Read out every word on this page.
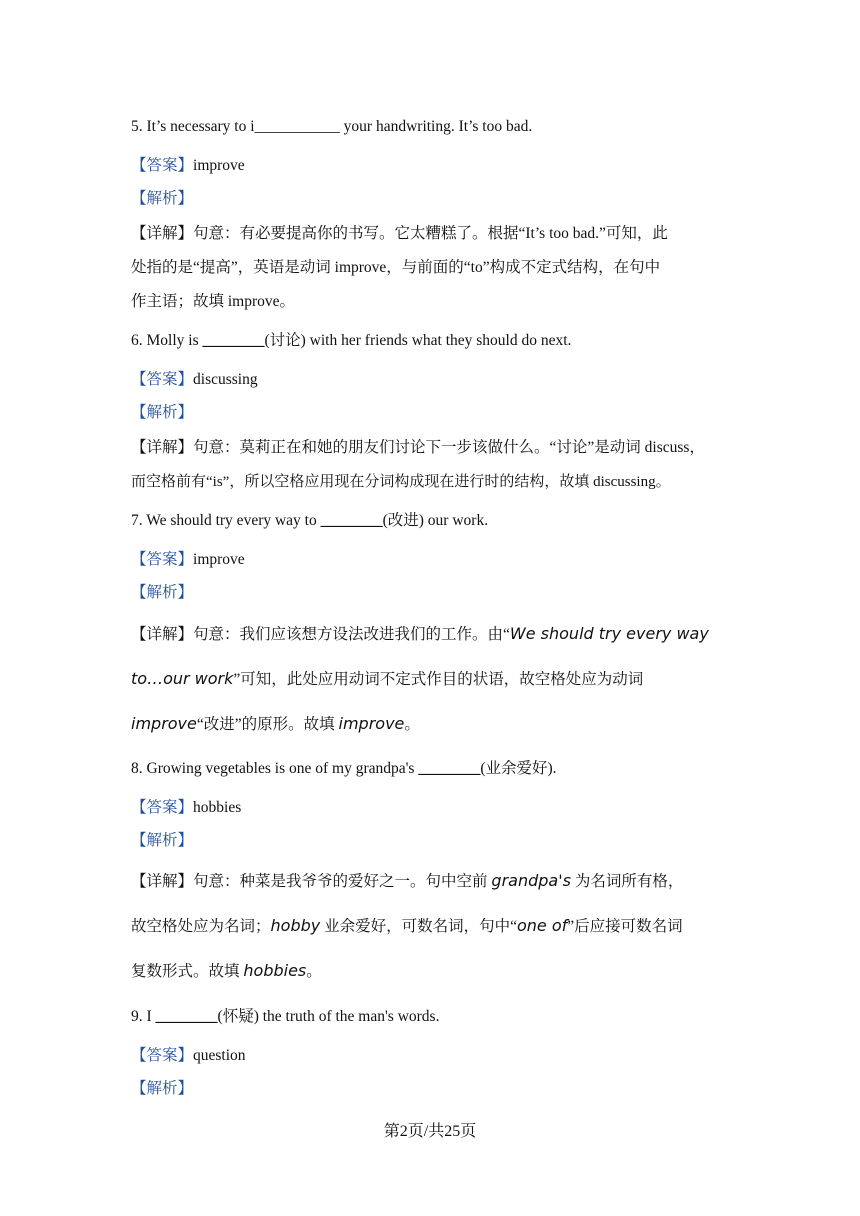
5. It’s necessary to i___________ your handwriting. It’s too bad.
【答案】improve
【解析】
【详解】句意：有必要提高你的书写。它太糟糕了。根据“It’s too bad.”可知，此
处指的是“提高”，英语是动词 improve，与前面的“to”构成不定式结构，在句中
作主语；故填 improve。
6. Molly is ________(讨论) with her friends what they should do next.
【答案】discussing
【解析】
【详解】句意：莫莉正在和她的朋友们讨论下一步该做什么。“讨论”是动词 discuss，
而空格前有“is”，所以空格应用现在分词构成现在进行时的结构，故填 discussing。
7. We should try every way to ________(改进) our work.
【答案】improve
【解析】
【详解】句意：我们应该想方设法改进我们的工作。由“We should try every way
to…our work”可知，此处应用动词不定式作目的状语，故空格处应为动词
improve“改进”的原形。故填 improve。
8. Growing vegetables is one of my grandpa's ________(业余爱好).
【答案】hobbies
【解析】
【详解】句意：种菜是我爷爷的爱好之一。句中空前 grandpa's 为名词所有格，
故空格处应为名词；hobby 业余爱好，可数名词，句中“one of”后应接可数名词
复数形式。故填 hobbies。
9. I ________(怀疑) the truth of the man's words.
【答案】question
【解析】
第2页/共25页
